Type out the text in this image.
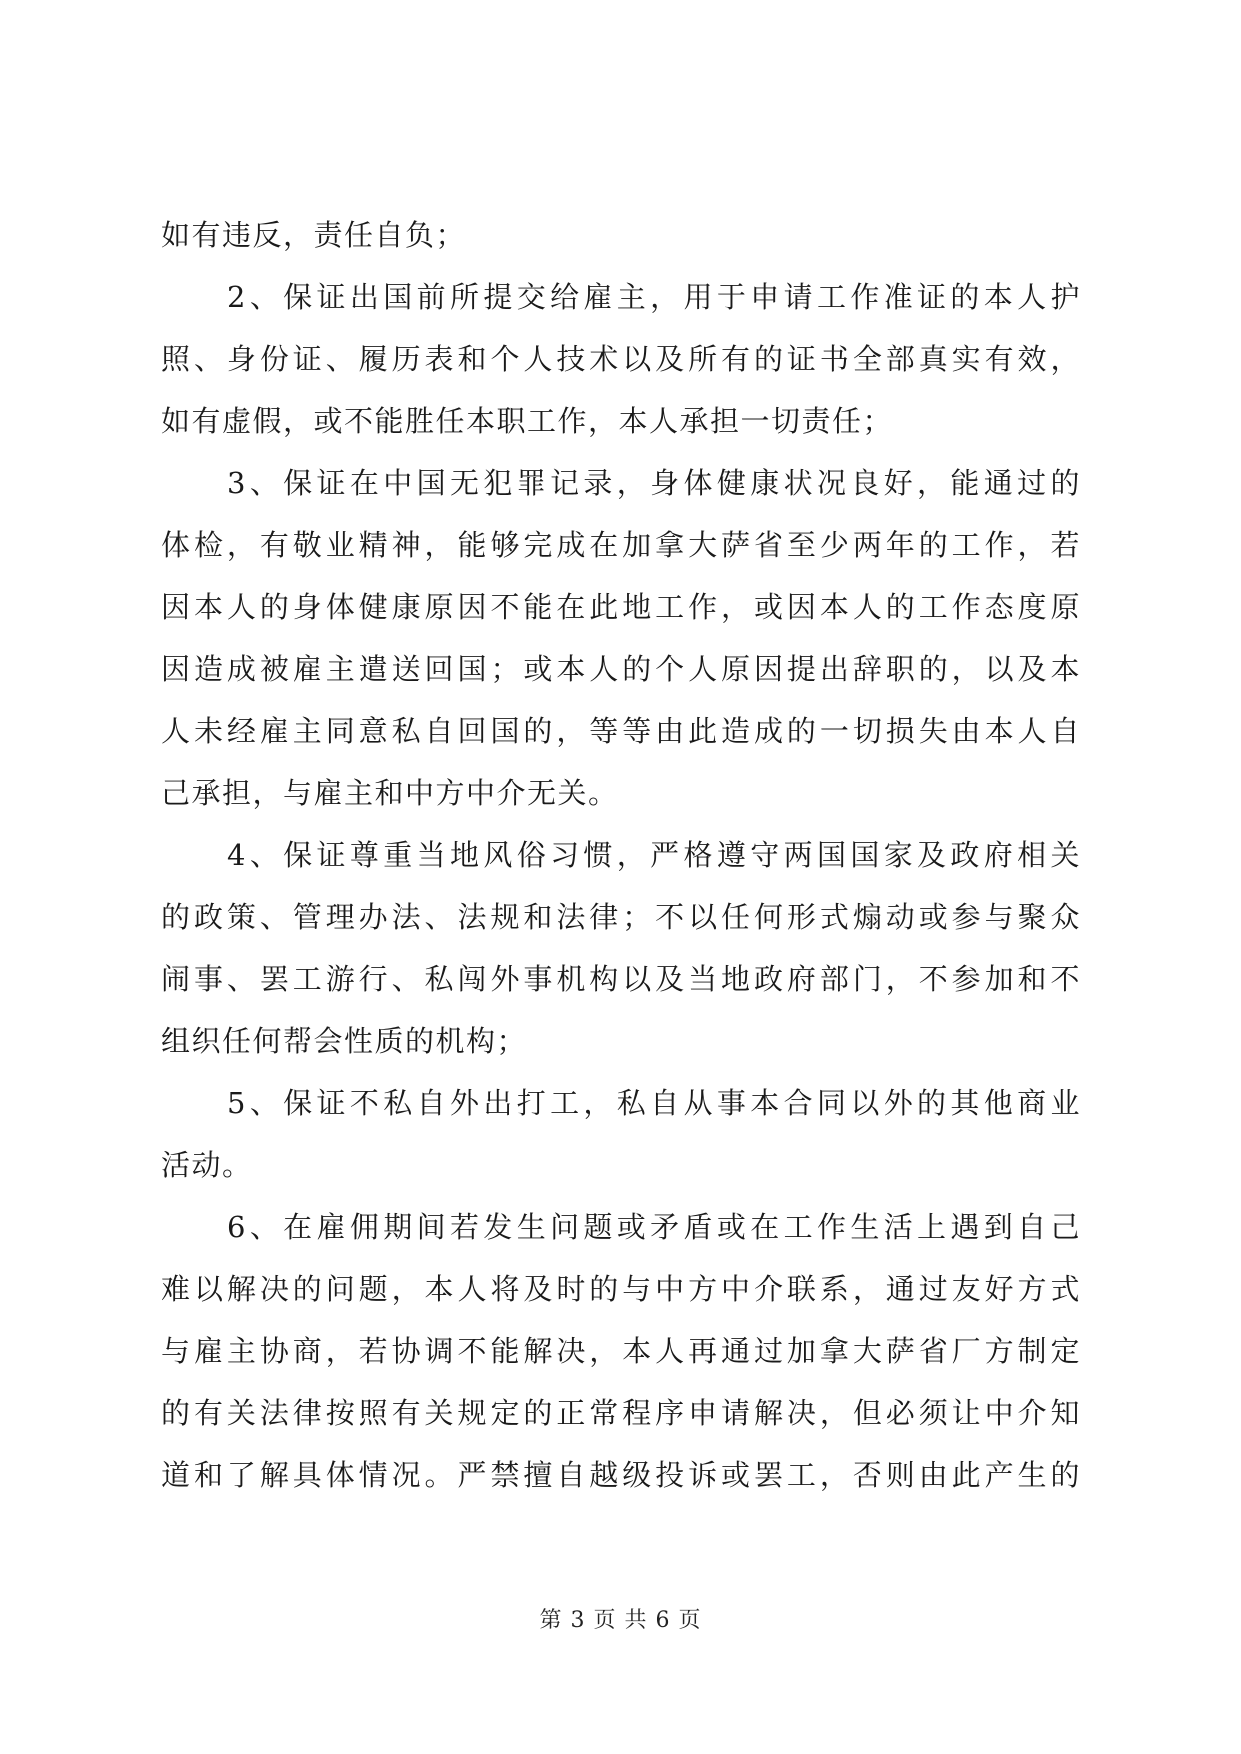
如有违反，责任自负；
2、保证出国前所提交给雇主，用于申请工作准证的本人护
照、身份证、履历表和个人技术以及所有的证书全部真实有效，
如有虚假，或不能胜任本职工作，本人承担一切责任；
3、保证在中国无犯罪记录，身体健康状况良好，能通过的
体检，有敬业精神，能够完成在加拿大萨省至少两年的工作，若
因本人的身体健康原因不能在此地工作，或因本人的工作态度原
因造成被雇主遣送回国；或本人的个人原因提出辞职的，以及本
人未经雇主同意私自回国的，等等由此造成的一切损失由本人自
己承担，与雇主和中方中介无关。
4、保证尊重当地风俗习惯，严格遵守两国国家及政府相关
的政策、管理办法、法规和法律；不以任何形式煽动或参与聚众
闹事、罢工游行、私闯外事机构以及当地政府部门，不参加和不
组织任何帮会性质的机构；
5、保证不私自外出打工，私自从事本合同以外的其他商业
活动。
6、在雇佣期间若发生问题或矛盾或在工作生活上遇到自己
难以解决的问题，本人将及时的与中方中介联系，通过友好方式
与雇主协商，若协调不能解决，本人再通过加拿大萨省厂方制定
的有关法律按照有关规定的正常程序申请解决，但必须让中介知
道和了解具体情况。严禁擅自越级投诉或罢工，否则由此产生的
第 3 页 共 6 页
